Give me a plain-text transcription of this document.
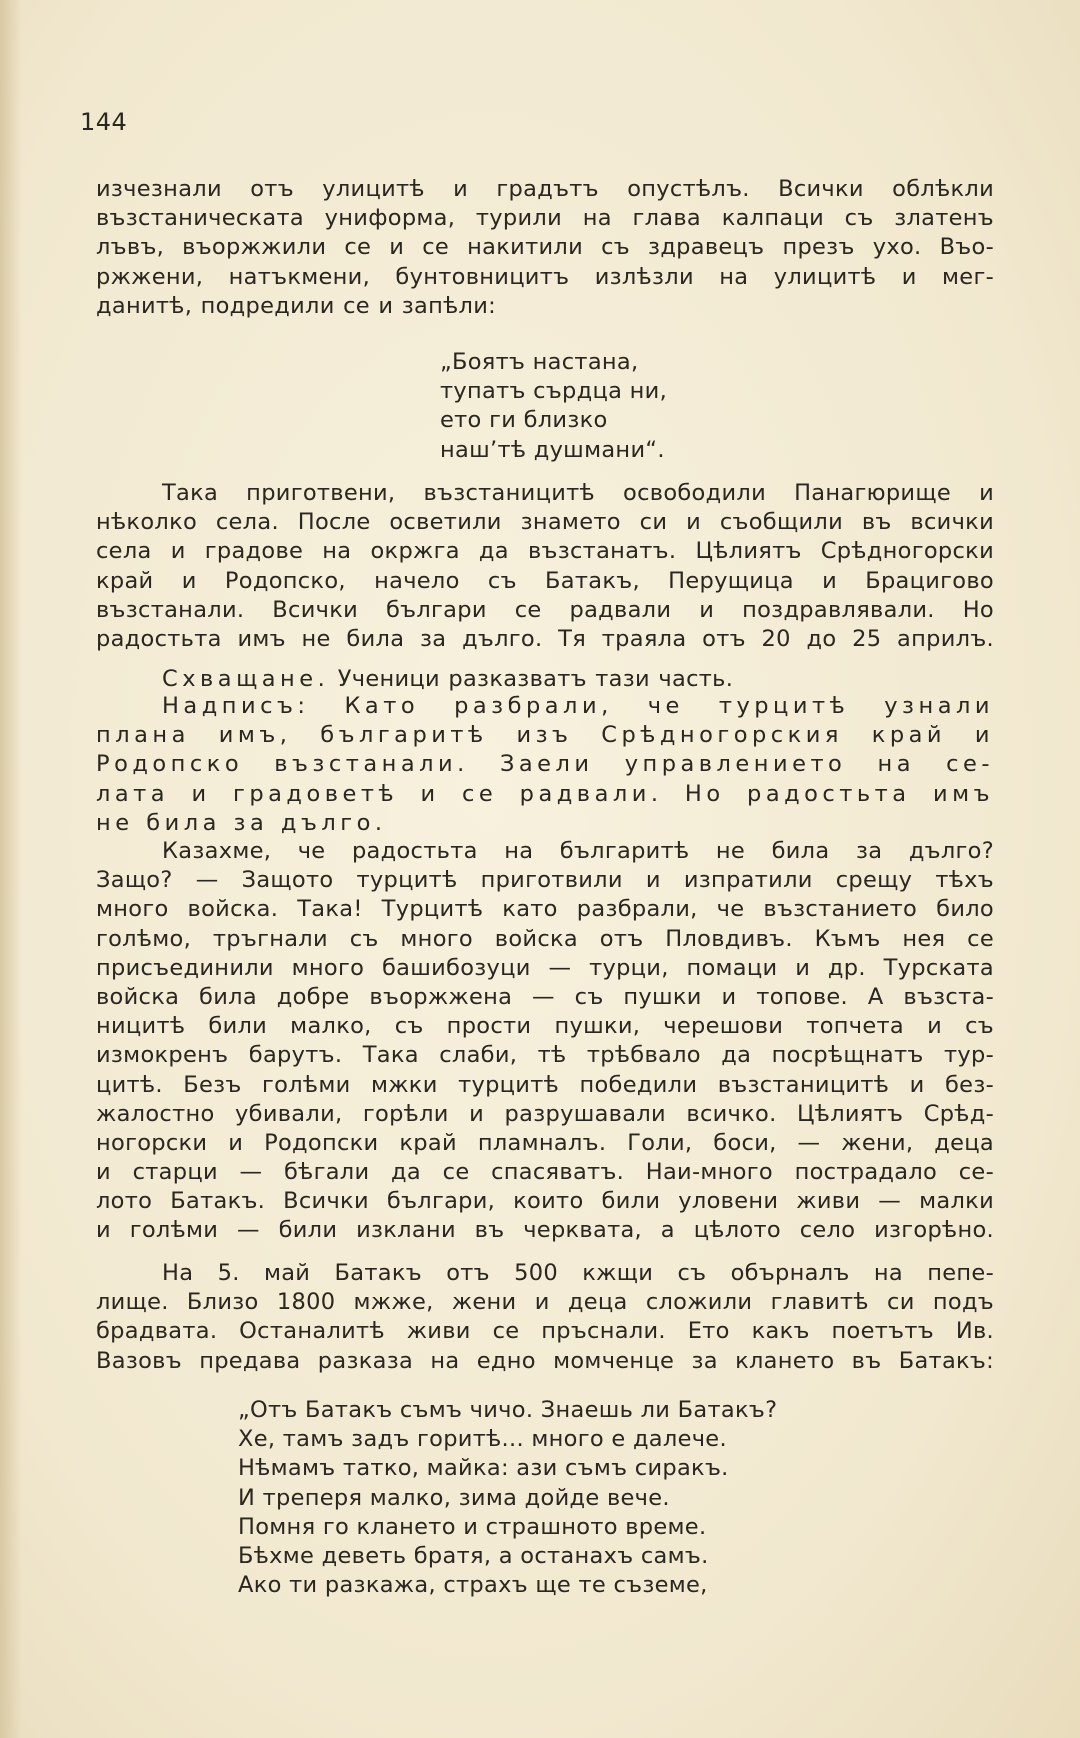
144
изчезнали отъ улицитѣ и градътъ опустѣлъ. Всички облѣкли
възстаническата униформа, турили на глава калпаци съ златенъ
лъвъ, въоржжили се и се накитили съ здравецъ презъ ухо. Въо-
ржжени, натъкмени, бунтовницитъ излѣзли на улицитѣ и мег-
данитѣ, подредили се и запѣли:
„Боятъ настана,
тупатъ сърдца ни,
ето ги близко
наш’тѣ душмани“.
Така приготвени, възстаницитѣ освободили Панагюрище и
нѣколко села. После осветили знамето си и съобщили въ всички
села и градове на окржга да възстанатъ. Цѣлиятъ Срѣдногорски
край и Родопско, начело съ Батакъ, Перущица и Брацигово
възстанали. Всички българи се радвали и поздравлявали. Но
радостьта имъ не била за дълго. Тя траяла отъ 20 до 25 априлъ.
Схващане. Ученици разказватъ тази часть.
Надписъ: Като разбрали, че турцитѣ узнали
плана имъ, българитѣ изъ Срѣдногорския край и
Родопско възстанали. Заели управлението на се-
лата и градоветѣ и се радвали. Но радостьта имъ
не била за дълго.
Казахме, че радостьта на българитѣ не била за дълго?
Защо? — Защото турцитѣ приготвили и изпратили срещу тѣхъ
много войска. Така! Турцитѣ като разбрали, че възстанието било
голѣмо, тръгнали съ много войска отъ Пловдивъ. Къмъ нея се
присъединили много башибозуци — турци, помаци и др. Турската
войска била добре въоржжена — съ пушки и топове. А възста-
ницитѣ били малко, съ прости пушки, черешови топчета и съ
измокренъ барутъ. Така слаби, тѣ трѣбвало да посрѣщнатъ тур-
цитѣ. Безъ голѣми мжки турцитѣ победили възстаницитѣ и без-
жалостно убивали, горѣли и разрушавали всичко. Цѣлиятъ Срѣд-
ногорски и Родопски край пламналъ. Голи, боси, — жени, деца
и старци — бѣгали да се спасяватъ. Наи-много пострадало се-
лото Батакъ. Всички българи, които били уловени живи — малки
и голѣми — били изклани въ черквата, а цѣлото село изгорѣно.
На 5. май Батакъ отъ 500 кжщи съ обърналъ на пепе-
лище. Близо 1800 мжже, жени и деца сложили главитѣ си подъ
брадвата. Останалитѣ живи се пръснали. Ето какъ поетътъ Ив.
Вазовъ предава разказа на едно момченце за клането въ Батакъ:
„Отъ Батакъ съмъ чичо. Знаешь ли Батакъ?
Хе, тамъ задъ горитѣ... много е далече.
Нѣмамъ татко, майка: ази съмъ сиракъ.
И треперя малко, зима дойде вече.
Помня го клането и страшното време.
Бѣхме деветь братя, а останахъ самъ.
Ако ти разкажа, страхъ ще те съземе,
